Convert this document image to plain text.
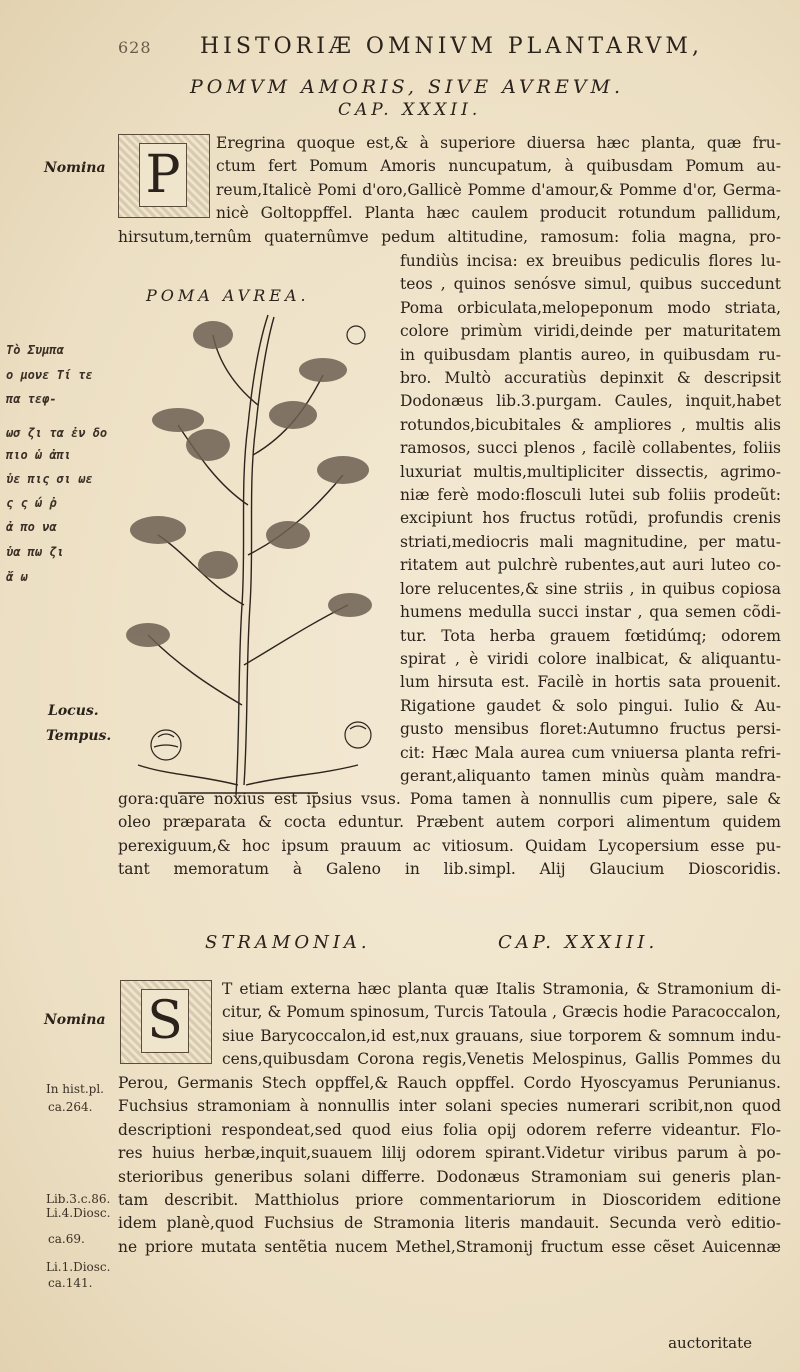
628 HISTORIÆ OMNIVM PLANTARVM,
POMVM AMORIS, SIVE AVREVM.
CAP. XXXII.
Nomina
Locus.
Tempus.
Τὸ Συμπα
ο μονε Τί τε
πα τεφ-
ωσ ζι τα ἐν δο
πιο ὡ ἀπι
ὑε πις σι ωε
ς ς ώ ῤ
ἀ πο να
ὑα πω ζι
ἄ ω
P
Eregrina quoque est,& à superiore diuersa hæc planta, quæ fru-
ctum fert Pomum Amoris nuncupatum, à quibusdam Pomum au-
reum,Italicè Pomi d'oro,Gallicè Pomme d'amour,& Pomme d'or, Germa-
nicè Goltoppffel. Planta hæc caulem producit rotundum pallidum,
hirsutum,ternûm quaternûmve pedum altitudine, ramosum: folia magna, pro-
POMA AVREA.
fundiùs incisa: ex breuibus pediculis flores lu-
teos , quinos senósve simul, quibus succedunt
Poma orbiculata,melopeponum modo striata,
colore primùm viridi,deinde per maturitatem
in quibusdam plantis aureo, in quibusdam ru-
bro. Multò accuratiùs depinxit & descripsit
Dodonæus lib.3.purgam. Caules, inquit,habet
rotundos,bicubitales & ampliores , multis alis
ramosos, succi plenos , facilè collabentes, foliis
luxuriat multis,multipliciter dissectis, agrimo-
niæ ferè modo:flosculi lutei sub foliis prodeũt:
excipiunt hos fructus rotũdi, profundis crenis
striati,mediocris mali magnitudine, per matu-
ritatem aut pulchrè rubentes,aut auri luteo co-
lore relucentes,& sine striis , in quibus copiosa
humens medulla succi instar , qua semen cõdi-
tur. Tota herba grauem fœtidúmq; odorem
spirat , è viridi colore inalbicat, & aliquantu-
lum hirsuta est. Facilè in hortis sata prouenit.
Rigatione gaudet & solo pingui. Iulio & Au-
gusto mensibus floret:Autumno fructus persi-
cit: Hæc Mala aurea cum vniuersa planta refri-
gerant,aliquanto tamen minùs quàm mandra-
gora:quare noxius est ipsius vsus. Poma tamen à nonnullis cum pipere, sale &
oleo præparata & cocta eduntur. Præbent autem corpori alimentum quidem
perexiguum,& hoc ipsum prauum ac vitiosum. Quidam Lycopersium esse pu-
tant memoratum à Galeno in lib.simpl. Alij Glaucium Dioscoridis.
STRAMONIA.	CAP. XXXIII.
Nomina
In hist.pl.
ca.264.
Lib.3.c.86.
Li.4.Diosc.
ca.69.
Li.1.Diosc.
ca.141.
S
T etiam externa hæc planta quæ Italis Stramonia, & Stramonium di-
citur, & Pomum spinosum, Turcis Tatoula , Græcis hodie Paracoccalon,
siue Barycoccalon,id est,nux grauans, siue torporem & somnum indu-
cens,quibusdam Corona regis,Venetis Melospinus, Gallis Pommes du
Perou, Germanis Stech oppffel,& Rauch oppffel. Cordo Hyoscyamus Perunianus.
Fuchsius stramoniam à nonnullis inter solani species numerari scribit,non quod
descriptioni respondeat,sed quod eius folia opij odorem referre videantur. Flo-
res huius herbæ,inquit,suauem lilij odorem spirant.Videtur viribus parum à po-
sterioribus generibus solani differre. Dodonæus Stramoniam sui generis plan-
tam describit. Matthiolus priore commentariorum in Dioscoridem editione
idem planè,quod Fuchsius de Stramonia literis mandauit. Secunda verò editio-
ne priore mutata sentẽtia nucem Methel,Stramonij fructum esse cẽset Auicennæ
auctoritate
